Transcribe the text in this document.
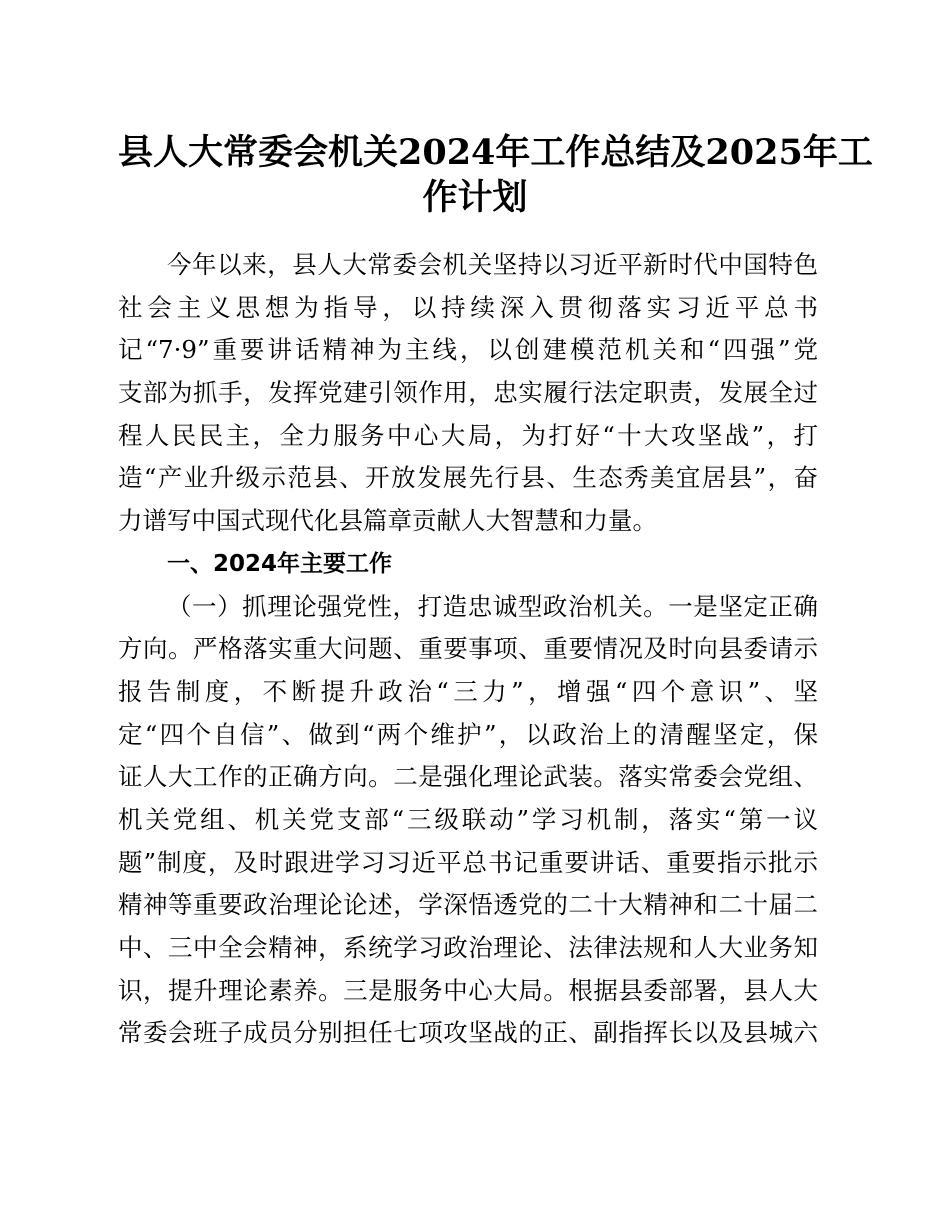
县人大常委会机关2024年工作总结及2025年工
作计划
今年以来，县人大常委会机关坚持以习近平新时代中国特色
社会主义思想为指导，以持续深入贯彻落实习近平总书
记“7·9”重要讲话精神为主线，以创建模范机关和“四强”党
支部为抓手，发挥党建引领作用，忠实履行法定职责，发展全过
程人民民主，全力服务中心大局，为打好“十大攻坚战”，打
造“产业升级示范县、开放发展先行县、生态秀美宜居县”，奋
力谱写中国式现代化县篇章贡献人大智慧和力量。
一、2024年主要工作
（一）抓理论强党性，打造忠诚型政治机关。一是坚定正确
方向。严格落实重大问题、重要事项、重要情况及时向县委请示
报告制度，不断提升政治“三力”，增强“四个意识”、坚
定“四个自信”、做到“两个维护”，以政治上的清醒坚定，保
证人大工作的正确方向。二是强化理论武装。落实常委会党组、
机关党组、机关党支部“三级联动”学习机制，落实“第一议
题”制度，及时跟进学习习近平总书记重要讲话、重要指示批示
精神等重要政治理论论述，学深悟透党的二十大精神和二十届二
中、三中全会精神，系统学习政治理论、法律法规和人大业务知
识，提升理论素养。三是服务中心大局。根据县委部署，县人大
常委会班子成员分别担任七项攻坚战的正、副指挥长以及县城六
